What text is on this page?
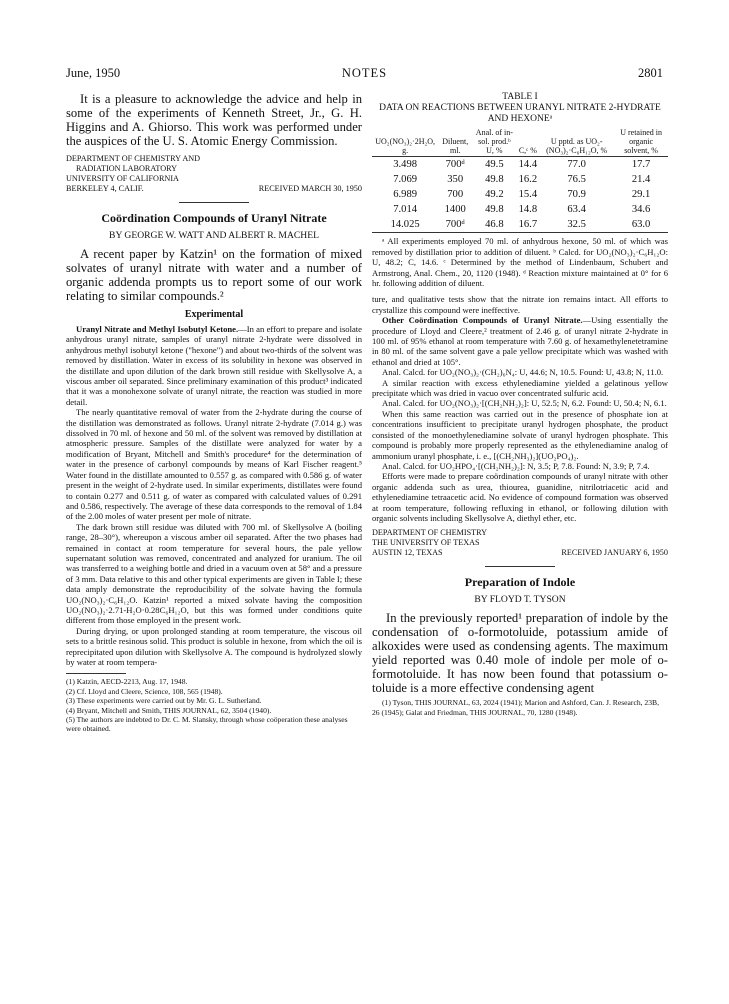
June, 1950	NOTES	2801

It is a pleasure to acknowledge the advice and help in some of the experiments of Kenneth Street, Jr., G. H. Higgins and A. Ghiorso. This work was performed under the auspices of the U. S. Atomic Energy Commission.

DEPARTMENT OF CHEMISTRY AND
RADIATION LABORATORY
UNIVERSITY OF CALIFORNIA
BERKELEY 4, CALIF.	RECEIVED MARCH 30, 1950
Coördination Compounds of Uranyl Nitrate
BY GEORGE W. WATT AND ALBERT R. MACHEL

A recent paper by Katzin¹ on the formation of mixed solvates of uranyl nitrate with water and a number of organic addenda prompts us to report some of our work relating to similar compounds.²

Experimental

Uranyl Nitrate and Methyl Isobutyl Ketone.—In an effort to prepare and isolate anhydrous uranyl nitrate, samples of uranyl nitrate 2-hydrate were dissolved in anhydrous methyl isobutyl ketone ("hexone") and about two-thirds of the solvent was removed by distillation. Water in excess of its solubility in hexone was observed in the distillate and upon dilution of the dark brown still residue with Skellysolve A, a viscous amber oil separated. Since preliminary examination of this product³ indicated that it was a monohexone solvate of uranyl nitrate, the reaction was studied in more detail.

The nearly quantitative removal of water from the 2-hydrate during the course of the distillation was demonstrated as follows. Uranyl nitrate 2-hydrate (7.014 g.) was dissolved in 70 ml. of hexone and 50 ml. of the solvent was removed by distillation at atmospheric pressure. Samples of the distillate were analyzed for water by a modification of Bryant, Mitchell and Smith's procedure⁴ for the determination of water in the presence of carbonyl compounds by means of Karl Fischer reagent.⁵ Water found in the distillate amounted to 0.557 g. as compared with 0.586 g. of water present in the weight of 2-hydrate used. In similar experiments, distillates were found to contain 0.277 and 0.511 g. of water as compared with calculated values of 0.291 and 0.586, respectively. The average of these data corresponds to the removal of 1.84 of the 2.00 moles of water present per mole of nitrate.

The dark brown still residue was diluted with 700 ml. of Skellysolve A (boiling range, 28–30°), whereupon a viscous amber oil separated. After the two phases had remained in contact at room temperature for several hours, the pale yellow supernatant solution was removed, concentrated and analyzed for uranium. The oil was transferred to a weighing bottle and dried in a vacuum oven at 58° and a pressure of 3 mm. Data relative to this and other typical experiments are given in Table I; these data amply demonstrate the reproducibility of the solvate having the formula UO₂(NO₃)₂·C₆H₁₂O. Katzin¹ reported a mixed solvate having the composition UO₂(NO₃)₂·2.71-H₂O·0.28C₆H₁₂O, but this was formed under conditions quite different from those employed in the present work.

During drying, or upon prolonged standing at room temperature, the viscous oil sets to a brittle resinous solid. This product is soluble in hexone, from which the oil is reprecipitated upon dilution with Skellysolve A. The compound is hydrolyzed slowly by water at room tempera-

(1) Katzin, AECD-2213, Aug. 17, 1948.
(2) Cf. Lloyd and Cleere, Science, 108, 565 (1948).
(3) These experiments were carried out by Mr. G. L. Sutherland.
(4) Bryant, Mitchell and Smith, THIS JOURNAL, 62, 3504 (1940).
(5) The authors are indebted to Dr. C. M. Slansky, through whose coöperation these analyses were obtained.
TABLE I
DATA ON REACTIONS BETWEEN URANYL NITRATE 2-HYDRATE AND HEXONEᵃ
UO₂(NO₃)₂·2H₂O, g.	Diluent, ml.	Anal. of in-sol. prod.ᵇ U, %	C,ᶜ %	U pptd. as UO₂-(NO₃)₂·C₆H₁₂O, %	U retained in organic solvent, %
3.498	700ᵈ	49.5	14.4	77.0	17.7
7.069	350	49.8	16.2	76.5	21.4
6.989	700	49.2	15.4	70.9	29.1
7.014	1400	49.8	14.8	63.4	34.6
14.025	700ᵈ	46.8	16.7	32.5	63.0

ᵃ All experiments employed 70 ml. of anhydrous hexone, 50 ml. of which was removed by distillation prior to addition of diluent. ᵇ Calcd. for UO₂(NO₃)₂·C₆H₁₂O: U, 48.2; C, 14.6. ᶜ Determined by the method of Lindenbaum, Schubert and Armstrong, Anal. Chem., 20, 1120 (1948). ᵈ Reaction mixture maintained at 0° for 6 hr. following addition of diluent.

ture, and qualitative tests show that the nitrate ion remains intact. All efforts to crystallize this compound were ineffective.

Other Coördination Compounds of Uranyl Nitrate.—Using essentially the procedure of Lloyd and Cleere,² treatment of 2.46 g. of uranyl nitrate 2-hydrate in 100 ml. of 95% ethanol at room temperature with 7.60 g. of hexamethylenetetramine in 80 ml. of the same solvent gave a pale yellow precipitate which was washed with ethanol and dried at 105°.

Anal. Calcd. for UO₂(NO₃)₂·(CH₂)₆N₄: U, 44.6; N, 10.5. Found: U, 43.8; N, 11.0.

A similar reaction with excess ethylenediamine yielded a gelatinous yellow precipitate which was dried in vacuo over concentrated sulfuric acid.

Anal. Calcd. for UO₂(NO₃)₂·[(CH₂NH₂)₂]: U, 52.5; N, 6.2. Found: U, 50.4; N, 6.1.

When this same reaction was carried out in the presence of phosphate ion at concentrations insufficient to precipitate uranyl hydrogen phosphate, the product consisted of the monoethylenediamine solvate of uranyl hydrogen phosphate. This compound is probably more properly represented as the ethylenediamine analog of ammonium uranyl phosphate, i. e., [(CH₂NH₃)₂](UO₂PO₄)₂.

Anal. Calcd. for UO₂HPO₄·[(CH₂NH₂)₂]: N, 3.5; P, 7.8. Found: N, 3.9; P, 7.4.

Efforts were made to prepare coördination compounds of uranyl nitrate with other organic addenda such as urea, thiourea, guanidine, nitrilotriacetic acid and ethylenediamine tetraacetic acid. No evidence of compound formation was observed at room temperature, following refluxing in ethanol, or following dilution with organic solvents including Skellysolve A, diethyl ether, etc.

DEPARTMENT OF CHEMISTRY
THE UNIVERSITY OF TEXAS
AUSTIN 12, TEXAS	RECEIVED JANUARY 6, 1950
Preparation of Indole
BY FLOYD T. TYSON

In the previously reported¹ preparation of indole by the condensation of o-formotoluide, potassium amide of alkoxides were used as condensing agents. The maximum yield reported was 0.40 mole of indole per mole of o-formotoluide. It has now been found that potassium o-toluide is a more effective condensing agent

(1) Tyson, THIS JOURNAL, 63, 2024 (1941); Marion and Ashford, Can. J. Research, 23B, 26 (1945); Galat and Friedman, THIS JOURNAL, 70, 1280 (1948).
